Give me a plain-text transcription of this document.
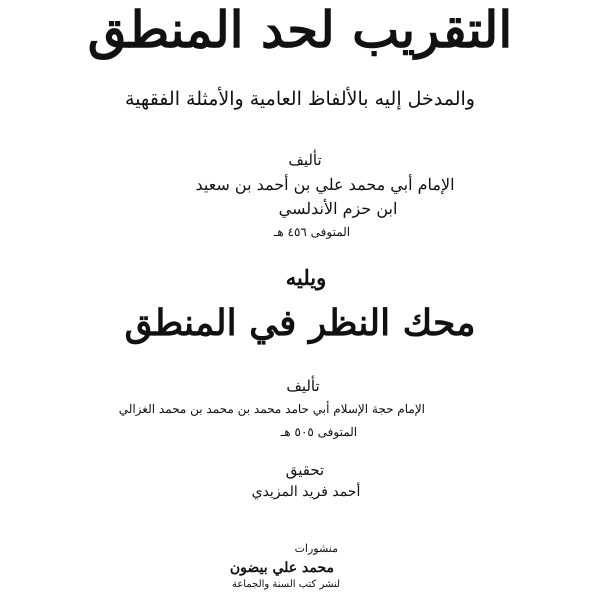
التقريب لحد المنطق
والمدخل إليه بالألفاظ العامية والأمثلة الفقهية
تأليف
الإمام أبي محمد علي بن أحمد بن سعيد
ابن حزم الأندلسي
المتوفى ٤٥٦ هـ
ويليه
محك النظر في المنطق
تأليف
الإمام حجة الإسلام أبي حامد محمد بن محمد بن محمد الغزالي
المتوفى ٥٠٥ هـ
تحقيق
أحمد فريد المزيدي
منشورات
محمد علي بيضون
لنشر كتب السنة والجماعة
